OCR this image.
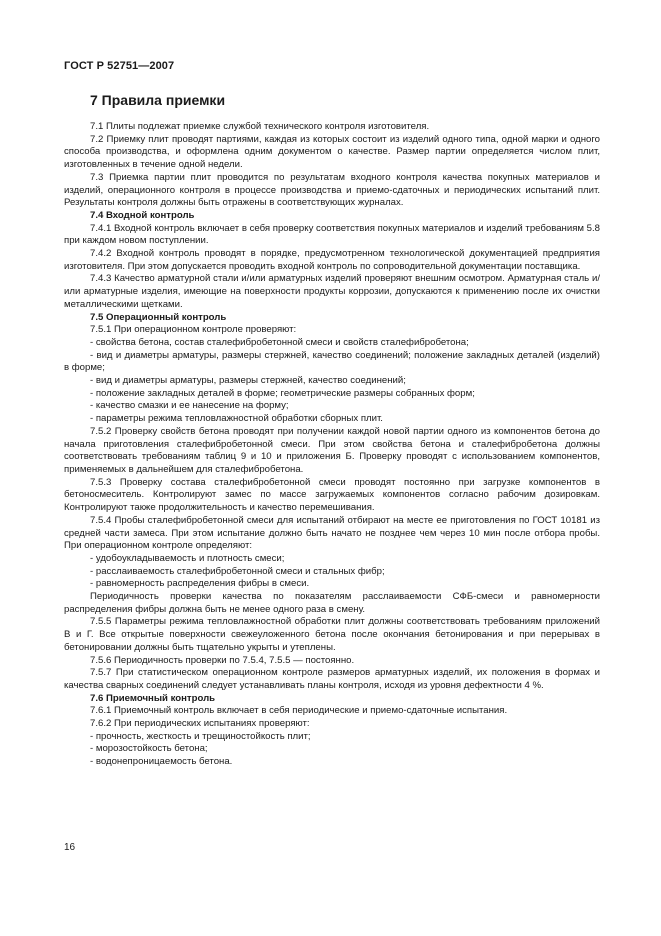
ГОСТ Р 52751—2007
7 Правила приемки

7.1 Плиты подлежат приемке службой технического контроля изготовителя.

7.2 Приемку плит проводят партиями, каждая из которых состоит из изделий одного типа, одной марки и одного способа производства, и оформлена одним документом о качестве. Размер партии определяется числом плит, изготовленных в течение одной недели.

7.3 Приемка партии плит проводится по результатам входного контроля качества покупных материалов и изделий, операционного контроля в процессе производства и приемо-сдаточных и периодических испытаний плит. Результаты контроля должны быть отражены в соответствующих журналах.

7.4 Входной контроль

7.4.1 Входной контроль включает в себя проверку соответствия покупных материалов и изделий требованиям 5.8 при каждом новом поступлении.

7.4.2 Входной контроль проводят в порядке, предусмотренном технологической документацией предприятия изготовителя. При этом допускается проводить входной контроль по сопроводительной документации поставщика.

7.4.3 Качество арматурной стали и/или арматурных изделий проверяют внешним осмотром. Арматурная сталь и/или арматурные изделия, имеющие на поверхности продукты коррозии, допускаются к применению после их очистки металлическими щетками.

7.5 Операционный контроль

7.5.1 При операционном контроле проверяют:

- свойства бетона, состав сталефибробетонной смеси и свойств сталефибробетона;

- вид и диаметры арматуры, размеры стержней, качество соединений; положение закладных деталей (изделий) в форме;

- вид и диаметры арматуры, размеры стержней, качество соединений;

- положение закладных деталей в форме; геометрические размеры собранных форм;

- качество смазки и ее нанесение на форму;

- параметры режима тепловлажностной обработки сборных плит.

7.5.2 Проверку свойств бетона проводят при получении каждой новой партии одного из компонентов бетона до начала приготовления сталефибробетонной смеси. При этом свойства бетона и сталефибробетона должны соответствовать требованиям таблиц 9 и 10 и приложения Б. Проверку проводят с использованием компонентов, применяемых в дальнейшем для сталефибробетона.

7.5.3 Проверку состава сталефибробетонной смеси проводят постоянно при загрузке компонентов в бетоносмеситель. Контролируют замес по массе загружаемых компонентов согласно рабочим дозировкам. Контролируют также продолжительность и качество перемешивания.

7.5.4 Пробы сталефибробетонной смеси для испытаний отбирают на месте ее приготовления по ГОСТ 10181 из средней части замеса. При этом испытание должно быть начато не позднее чем через 10 мин после отбора пробы. При операционном контроле определяют:

- удобоукладываемость и плотность смеси;

- расслаиваемость сталефибробетонной смеси и стальных фибр;

- равномерность распределения фибры в смеси.

Периодичность проверки качества по показателям расслаиваемости СФБ-смеси и равномерности распределения фибры должна быть не менее одного раза в смену.

7.5.5 Параметры режима тепловлажностной обработки плит должны соответствовать требованиям приложений В и Г. Все открытые поверхности свежеуложенного бетона после окончания бетонирования и при перерывах в бетонировании должны быть тщательно укрыты и утеплены.

7.5.6 Периодичность проверки по 7.5.4, 7.5.5 — постоянно.

7.5.7 При статистическом операционном контроле размеров арматурных изделий, их положения в формах и качества сварных соединений следует устанавливать планы контроля, исходя из уровня дефектности 4 %.

7.6 Приемочный контроль

7.6.1 Приемочный контроль включает в себя периодические и приемо-сдаточные испытания.

7.6.2 При периодических испытаниях проверяют:

- прочность, жесткость и трещиностойкость плит;

- морозостойкость бетона;

- водонепроницаемость бетона.

16
